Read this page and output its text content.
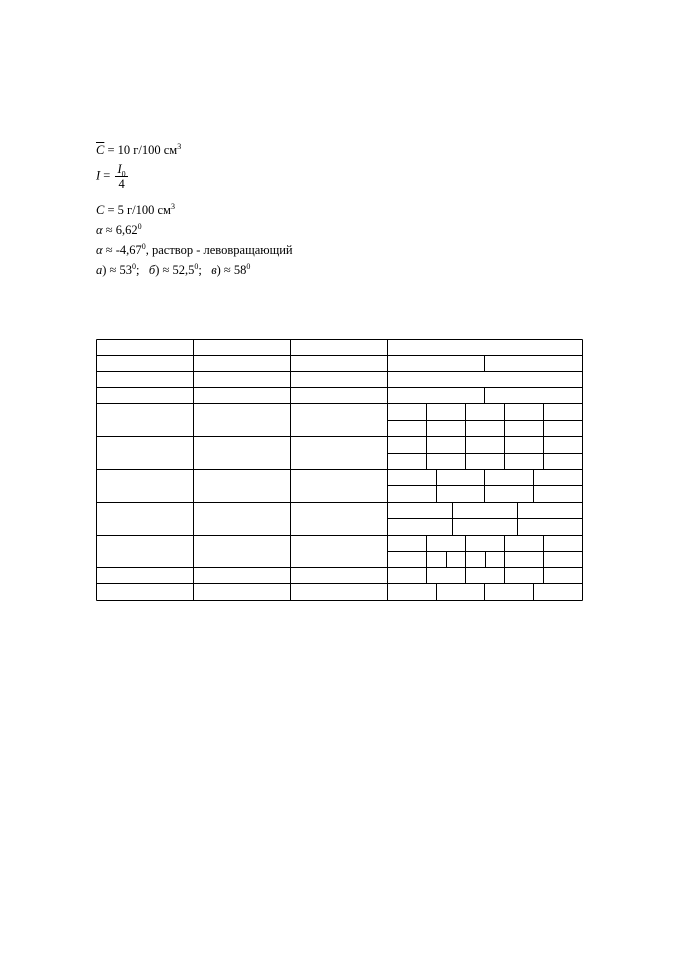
$\overline{C} = 10$ г/100 $см^3$
$I = \frac{I_0}{4}$
C = 5 г/100 $см^3$
$\alpha \approx 6,62^0$
$\alpha \approx -4,67^0$, раствор - левовращающий
$а) \approx 53^0$; $б) \approx 52,5^0$; $в) \approx 58^0$
